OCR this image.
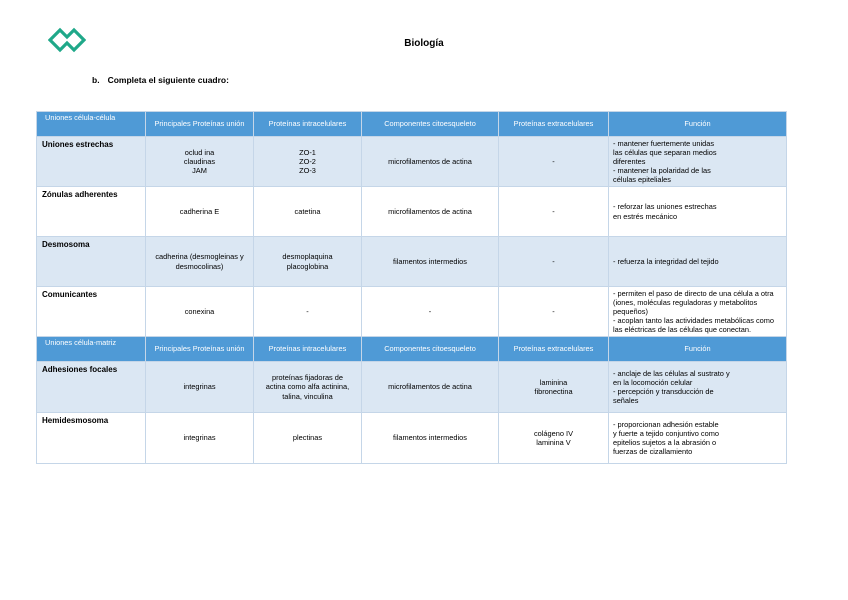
Biología
b. Completa el siguiente cuadro:
Uniones célula-célula	Principales Proteínas unión	Proteínas intracelulares	Componentes citoesqueleto	Proteínas extracelulares	Función
Uniones estrechas	oclud ina
claudinas
JAM	ZO-1
ZO-2
ZO-3	microfilamentos de actina	-	- mantener fuertemente unidas
las células que separan medios
diferentes
- mantener la polaridad de las
células epiteliales

Zónulas adherentes	cadherina E	catetina	microfilamentos de actina	-	- reforzar las uniones estrechas
en estrés mecánico

Desmosoma	cadherina (desmogleinas y
desmocolinas)	desmoplaquina
placoglobina	filamentos intermedios	-	- refuerza la integridad del tejido

Comunicantes	conexina	-	-	-	- permiten el paso de directo de una célula a otra
(iones, moléculas reguladoras y metabolitos
pequeños)
- acoplan tanto las actividades metabólicas como
las eléctricas de las células que conectan.

Uniones célula-matriz	Principales Proteínas unión	Proteínas intracelulares	Componentes citoesqueleto	Proteínas extracelulares	Función
Adhesiones focales	integrinas	proteínas fijadoras de
actina como alfa actinina,
talina, vinculina	microfilamentos de actina	laminina
fibronectina	- anclaje de las células al sustrato y
en la locomoción celular
- percepción y transducción de
señales

Hemidesmosoma	integrinas	plectinas	filamentos intermedios	colágeno IV
laminina V	- proporcionan adhesión estable
y fuerte a tejido conjuntivo como
epitelios sujetos a la abrasión o
fuerzas de cizallamiento
